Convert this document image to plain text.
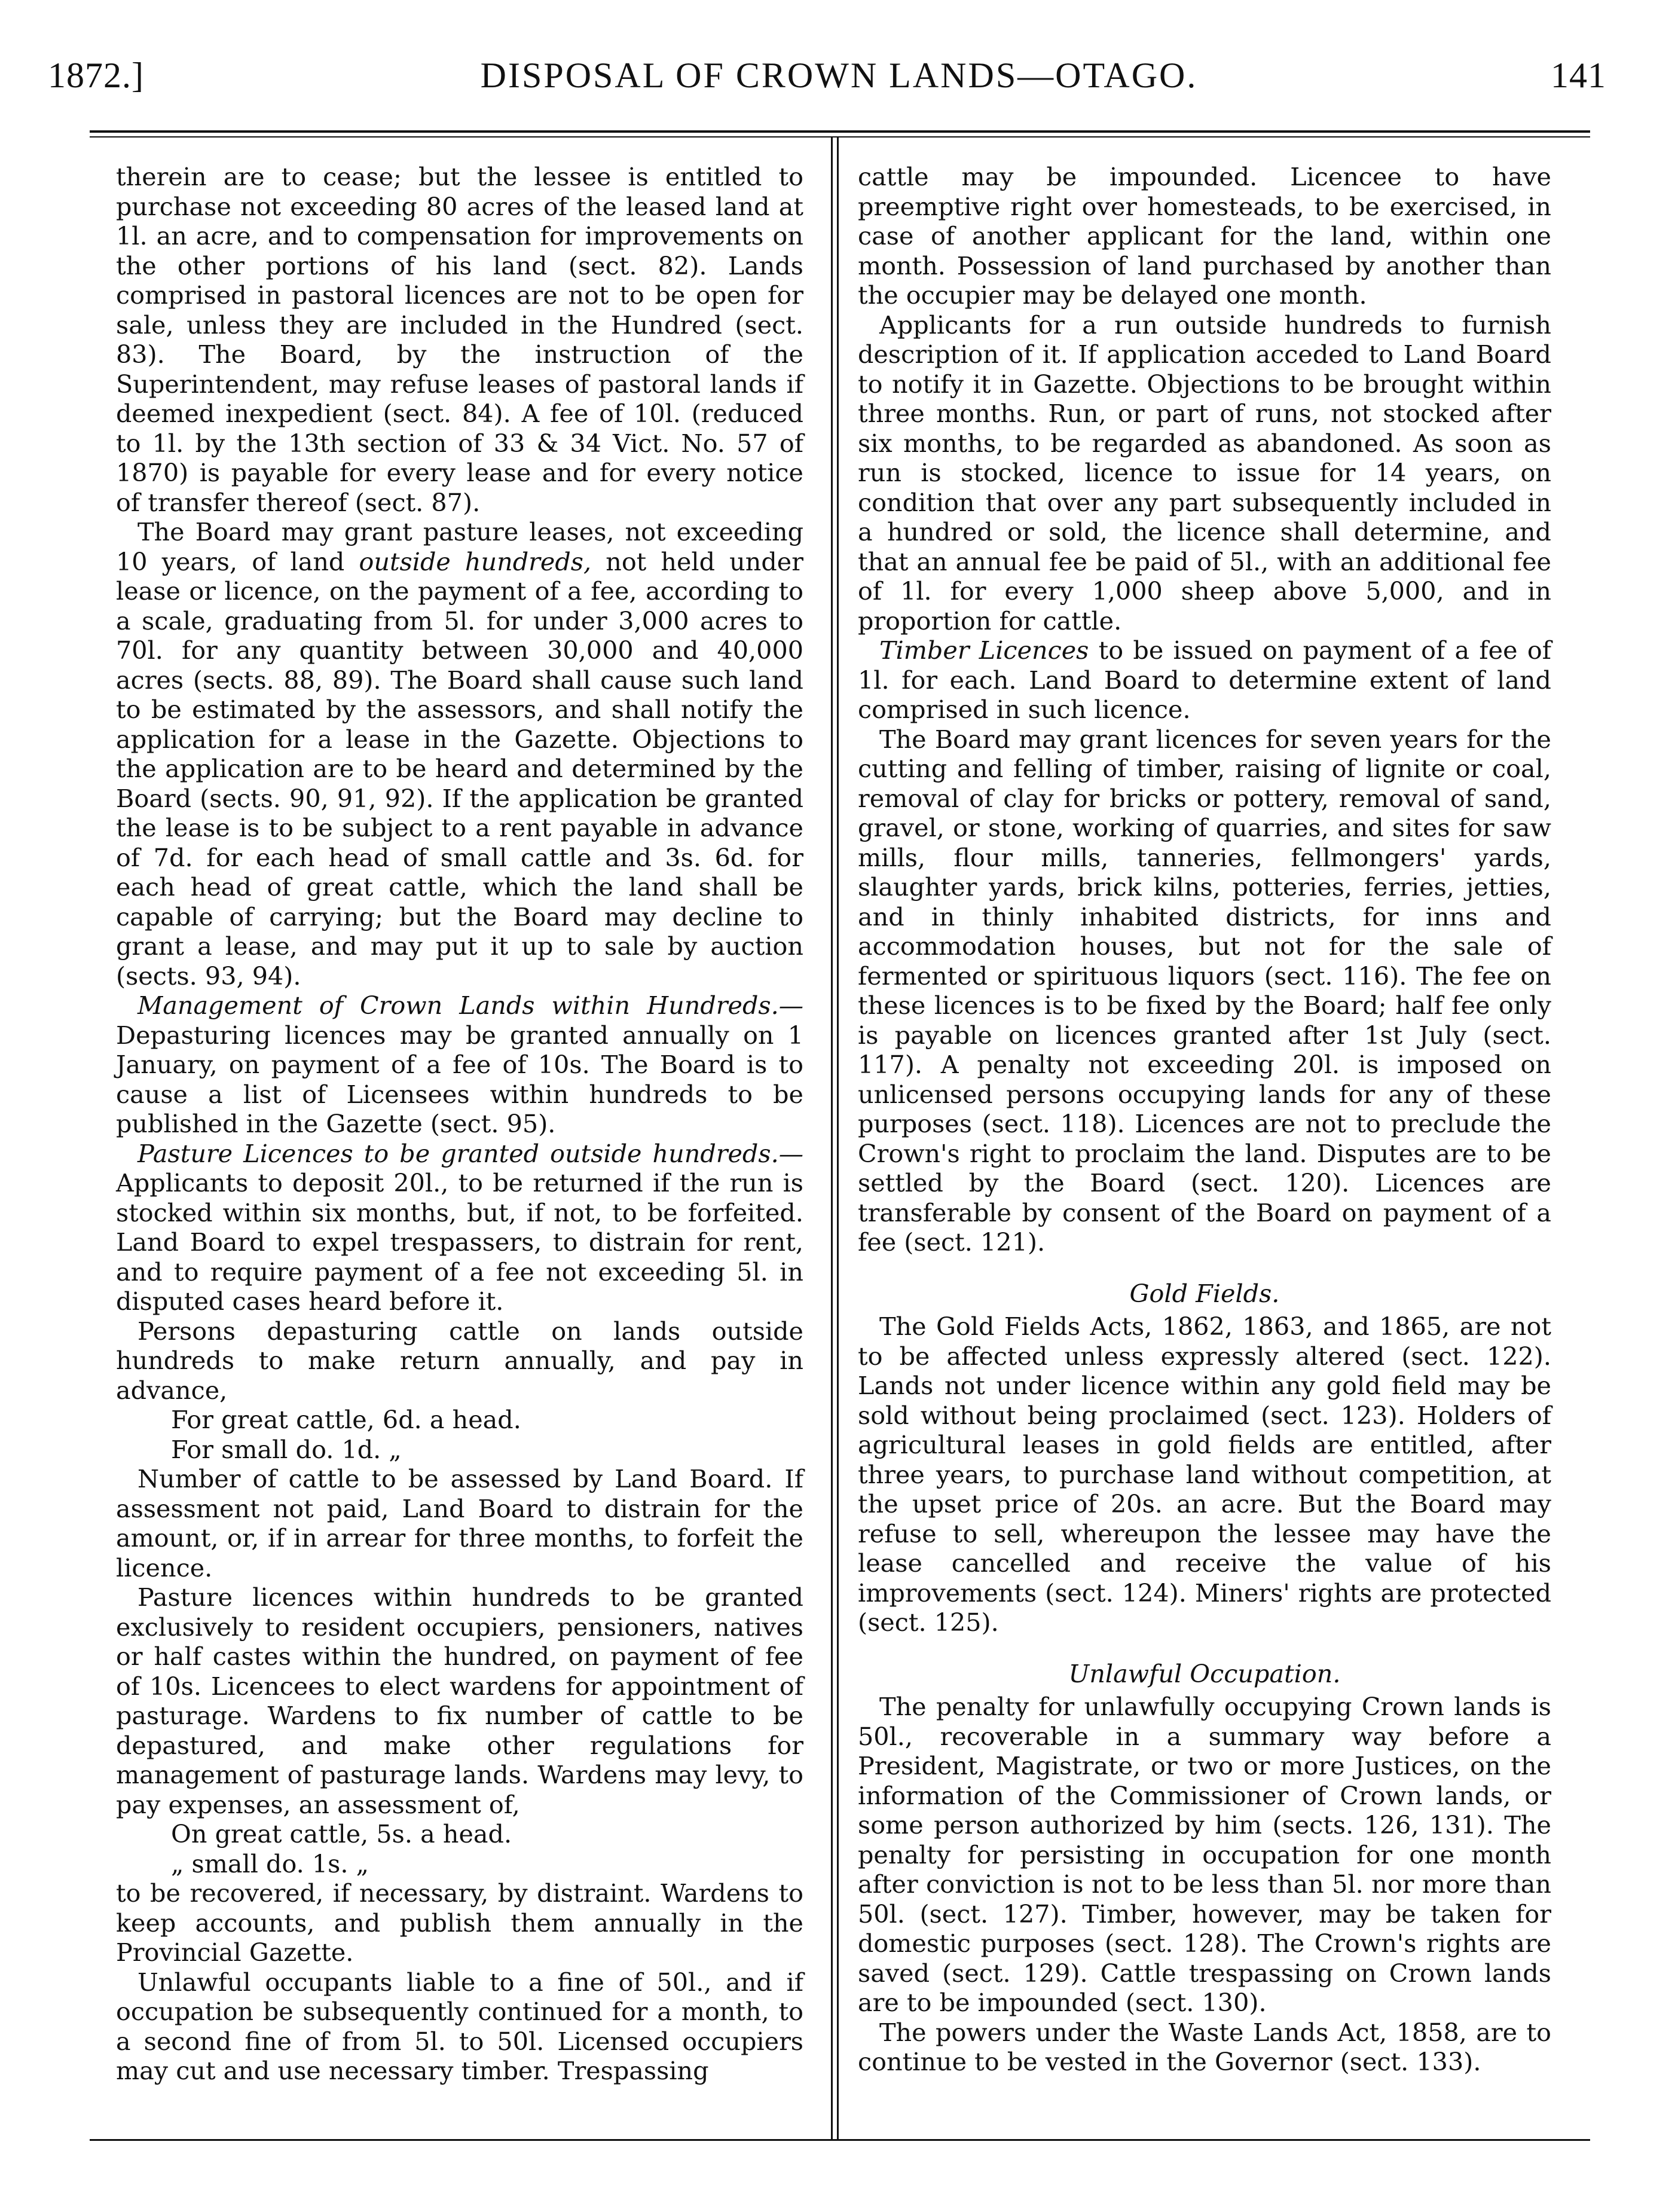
1872.]	DISPOSAL OF CROWN LANDS—OTAGO.	141

therein are to cease; but the lessee is entitled to purchase not exceeding 80 acres of the leased land at 1l. an acre, and to compensation for improvements on the other portions of his land (sect. 82). Lands comprised in pastoral licences are not to be open for sale, unless they are included in the Hundred (sect. 83). The Board, by the instruction of the Superintendent, may refuse leases of pastoral lands if deemed inexpedient (sect. 84). A fee of 10l. (reduced to 1l. by the 13th section of 33 & 34 Vict. No. 57 of 1870) is payable for every lease and for every notice of transfer thereof (sect. 87).

The Board may grant pasture leases, not exceeding 10 years, of land outside hundreds, not held under lease or licence, on the payment of a fee, according to a scale, graduating from 5l. for under 3,000 acres to 70l. for any quantity between 30,000 and 40,000 acres (sects. 88, 89). The Board shall cause such land to be estimated by the assessors, and shall notify the application for a lease in the Gazette. Objections to the application are to be heard and determined by the Board (sects. 90, 91, 92). If the application be granted the lease is to be subject to a rent payable in advance of 7d. for each head of small cattle and 3s. 6d. for each head of great cattle, which the land shall be capable of carrying; but the Board may decline to grant a lease, and may put it up to sale by auction (sects. 93, 94).

Management of Crown Lands within Hundreds.— Depasturing licences may be granted annually on 1 January, on payment of a fee of 10s. The Board is to cause a list of Licensees within hundreds to be published in the Gazette (sect. 95).

Pasture Licences to be granted outside hundreds.— Applicants to deposit 20l., to be returned if the run is stocked within six months, but, if not, to be forfeited. Land Board to expel trespassers, to distrain for rent, and to require payment of a fee not exceeding 5l. in disputed cases heard before it.

Persons depasturing cattle on lands outside hundreds to make return annually, and pay in advance,

For great cattle, 6d. a head.

For small do. 1d. „

Number of cattle to be assessed by Land Board. If assessment not paid, Land Board to distrain for the amount, or, if in arrear for three months, to forfeit the licence.

Pasture licences within hundreds to be granted exclusively to resident occupiers, pensioners, natives or half castes within the hundred, on payment of fee of 10s. Licencees to elect wardens for appointment of pasturage. Wardens to fix number of cattle to be depastured, and make other regulations for management of pasturage lands. Wardens may levy, to pay expenses, an assessment of,

On great cattle, 5s. a head.

„ small do. 1s. „

to be recovered, if necessary, by distraint. Wardens to keep accounts, and publish them annually in the Provincial Gazette.

Unlawful occupants liable to a fine of 50l., and if occupation be subsequently continued for a month, to a second fine of from 5l. to 50l. Licensed occupiers may cut and use necessary timber. Trespassing

cattle may be impounded. Licencee to have preemptive right over homesteads, to be exercised, in case of another applicant for the land, within one month. Possession of land purchased by another than the occupier may be delayed one month.

Applicants for a run outside hundreds to furnish description of it. If application acceded to Land Board to notify it in Gazette. Objections to be brought within three months. Run, or part of runs, not stocked after six months, to be regarded as abandoned. As soon as run is stocked, licence to issue for 14 years, on condition that over any part subsequently included in a hundred or sold, the licence shall determine, and that an annual fee be paid of 5l., with an additional fee of 1l. for every 1,000 sheep above 5,000, and in proportion for cattle.

Timber Licences to be issued on payment of a fee of 1l. for each. Land Board to determine extent of land comprised in such licence.

The Board may grant licences for seven years for the cutting and felling of timber, raising of lignite or coal, removal of clay for bricks or pottery, removal of sand, gravel, or stone, working of quarries, and sites for saw mills, flour mills, tanneries, fellmongers' yards, slaughter yards, brick kilns, potteries, ferries, jetties, and in thinly inhabited districts, for inns and accommodation houses, but not for the sale of fermented or spirituous liquors (sect. 116). The fee on these licences is to be fixed by the Board; half fee only is payable on licences granted after 1st July (sect. 117). A penalty not exceeding 20l. is imposed on unlicensed persons occupying lands for any of these purposes (sect. 118). Licences are not to preclude the Crown's right to proclaim the land. Disputes are to be settled by the Board (sect. 120). Licences are transferable by consent of the Board on payment of a fee (sect. 121).

Gold Fields.

The Gold Fields Acts, 1862, 1863, and 1865, are not to be affected unless expressly altered (sect. 122). Lands not under licence within any gold field may be sold without being proclaimed (sect. 123). Holders of agricultural leases in gold fields are entitled, after three years, to purchase land without competition, at the upset price of 20s. an acre. But the Board may refuse to sell, whereupon the lessee may have the lease cancelled and receive the value of his improvements (sect. 124). Miners' rights are protected (sect. 125).

Unlawful Occupation.

The penalty for unlawfully occupying Crown lands is 50l., recoverable in a summary way before a President, Magistrate, or two or more Justices, on the information of the Commissioner of Crown lands, or some person authorized by him (sects. 126, 131). The penalty for persisting in occupation for one month after conviction is not to be less than 5l. nor more than 50l. (sect. 127). Timber, however, may be taken for domestic purposes (sect. 128). The Crown's rights are saved (sect. 129). Cattle trespassing on Crown lands are to be impounded (sect. 130).

The powers under the Waste Lands Act, 1858, are to continue to be vested in the Governor (sect. 133).
